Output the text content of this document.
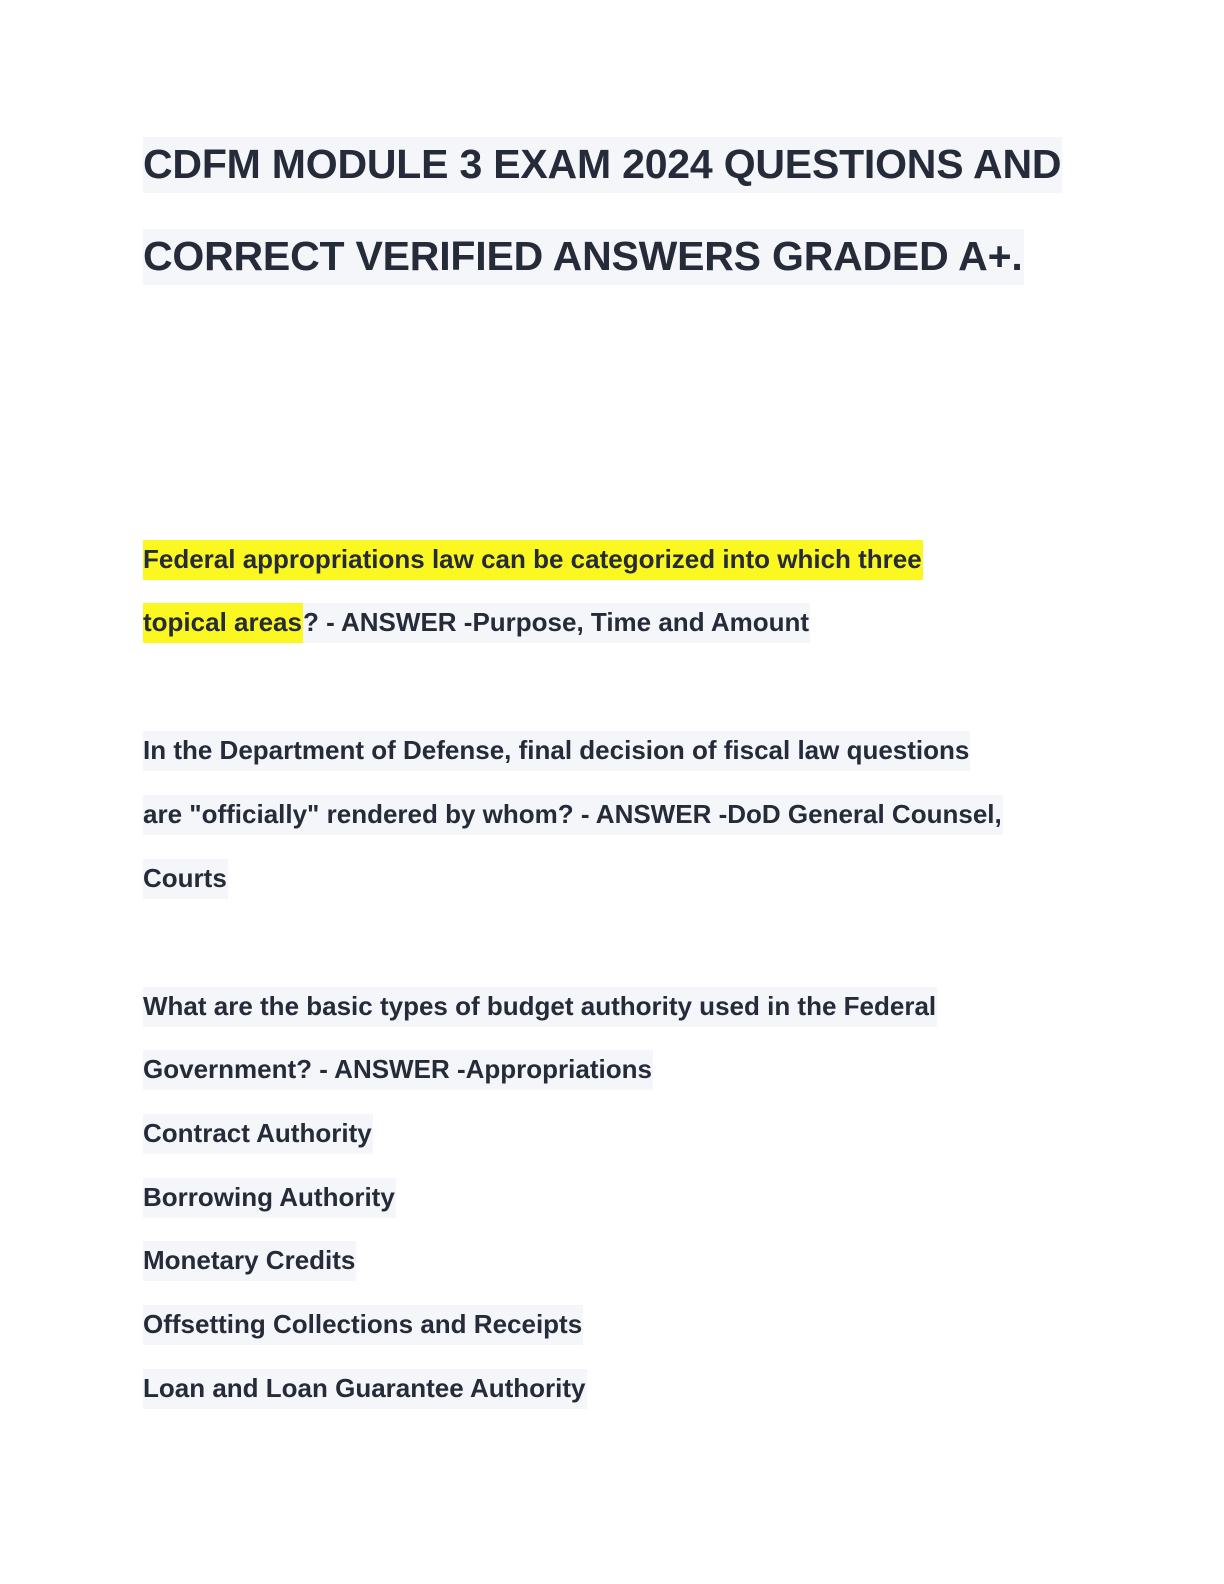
CDFM MODULE 3 EXAM 2024 QUESTIONS AND
CORRECT VERIFIED ANSWERS GRADED A+.
Federal appropriations law can be categorized into which three
topical areas? - ANSWER -Purpose, Time and Amount
In the Department of Defense, final decision of fiscal law questions
are "officially" rendered by whom? - ANSWER -DoD General Counsel,
Courts
What are the basic types of budget authority used in the Federal
Government? - ANSWER -Appropriations
Contract Authority
Borrowing Authority
Monetary Credits
Offsetting Collections and Receipts
Loan and Loan Guarantee Authority
